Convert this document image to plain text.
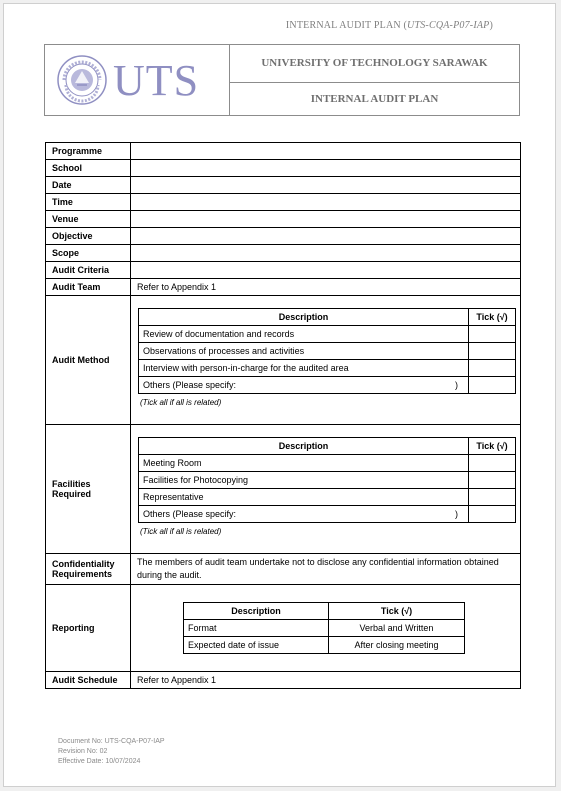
INTERNAL AUDIT PLAN (UTS-CQA-P07-IAP)
UTS	UNIVERSITY OF TECHNOLOGY SARAWAK
INTERNAL AUDIT PLAN
Programme	
School	
Date	
Time	
Venue	
Objective	
Scope	
Audit Criteria	
Audit Team	Refer to Appendix 1
Audit Method	
Description	Tick (√)
Review of documentation and records	
Observations of processes and activities	
Interview with person-in-charge for the audited area	

Others (Please specify:	)

(Tick all if all is related)

Facilities Required	
Description	Tick (√)
Meeting Room	
Facilities for Photocopying	
Representative	

Others (Please specify:	)

(Tick all if all is related)

Confidentiality Requirements	The members of audit team undertake not to disclose any confidential information obtained during the audit.
Reporting	
Description	Tick (√)
Format	Verbal and Written
Expected date of issue	After closing meeting

Audit Schedule	Refer to Appendix 1
Document No: UTS-CQA-P07-IAP
Revision No: 02
Effective Date: 10/07/2024
